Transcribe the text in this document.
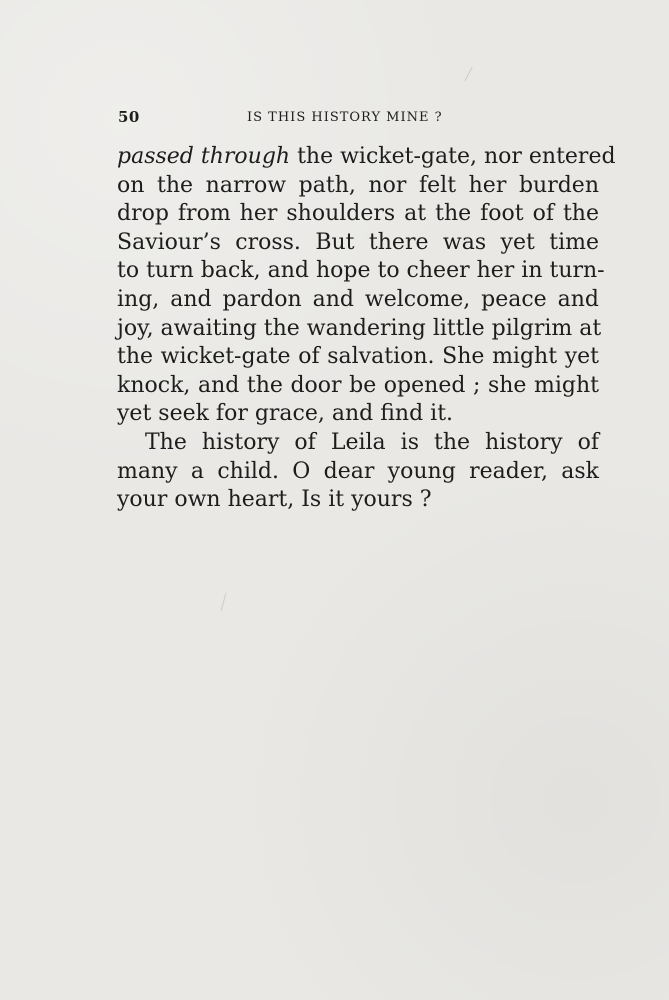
50	IS THIS HISTORY MINE ?
passed through the wicket-gate, nor entered
on the narrow path, nor felt her burden
drop from her shoulders at the foot of the
Saviour’s cross. But there was yet time
to turn back, and hope to cheer her in turn-
ing, and pardon and welcome, peace and
joy, awaiting the wandering little pilgrim at
the wicket-gate of salvation. She might yet
knock, and the door be opened ; she might
yet seek for grace, and find it.
The history of Leila is the history of
many a child. O dear young reader, ask
your own heart, Is it yours ?
